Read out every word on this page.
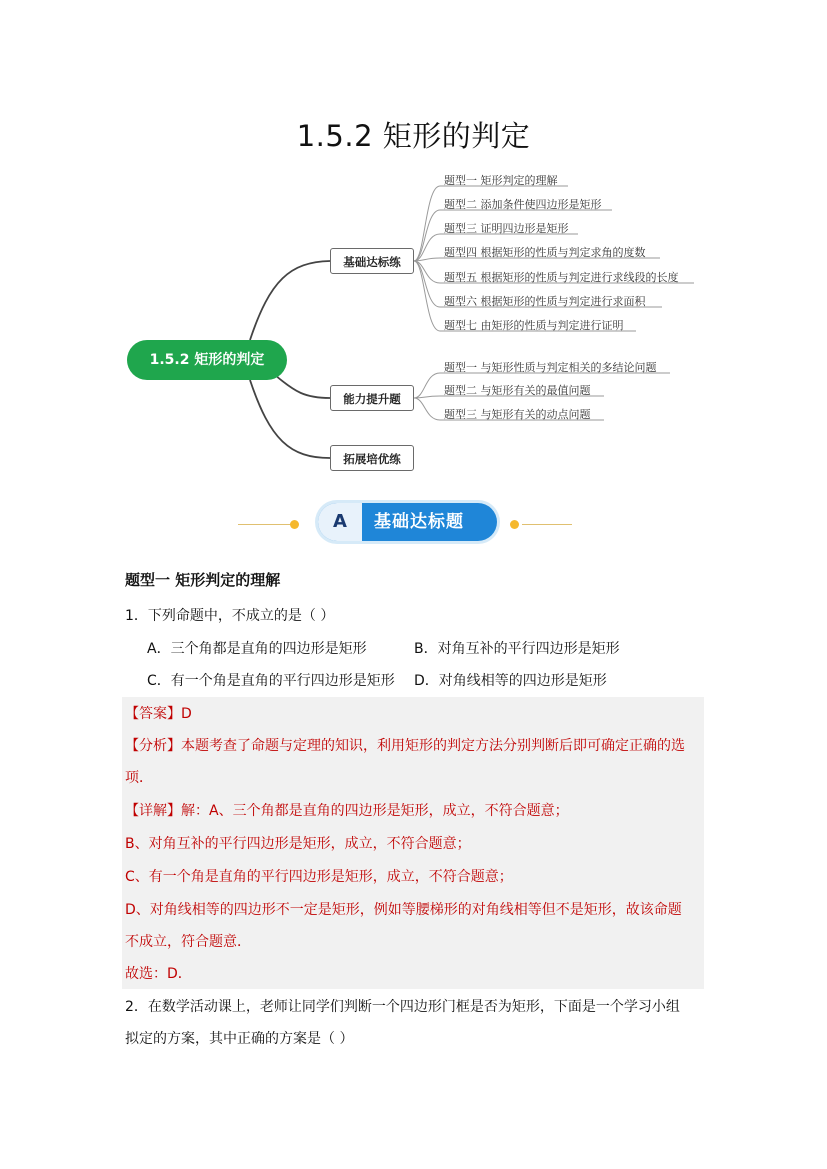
1.5.2 矩形的判定
1.5.2 矩形的判定
基础达标练
能力提升题
拓展培优练
题型一 矩形判定的理解
题型二 添加条件使四边形是矩形
题型三 证明四边形是矩形
题型四 根据矩形的性质与判定求角的度数
题型五 根据矩形的性质与判定进行求线段的长度
题型六 根据矩形的性质与判定进行求面积
题型七 由矩形的性质与判定进行证明
题型一 与矩形性质与判定相关的多结论问题
题型二 与矩形有关的最值问题
题型三 与矩形有关的动点问题
A	基础达标题
题型一 矩形判定的理解
1．下列命题中，不成立的是（ ）
A．三个角都是直角的四边形是矩形	B．对角互补的平行四边形是矩形
C．有一个角是直角的平行四边形是矩形 D．对角线相等的四边形是矩形
【答案】D
【分析】本题考查了命题与定理的知识，利用矩形的判定方法分别判断后即可确定正确的选
项．
【详解】解：A、三个角都是直角的四边形是矩形，成立，不符合题意；
B、对角互补的平行四边形是矩形，成立，不符合题意；
C、有一个角是直角的平行四边形是矩形，成立，不符合题意；
D、对角线相等的四边形不一定是矩形，例如等腰梯形的对角线相等但不是矩形，故该命题
不成立，符合题意．
故选：D．
2．在数学活动课上，老师让同学们判断一个四边形门框是否为矩形，下面是一个学习小组
拟定的方案，其中正确的方案是（ ）
